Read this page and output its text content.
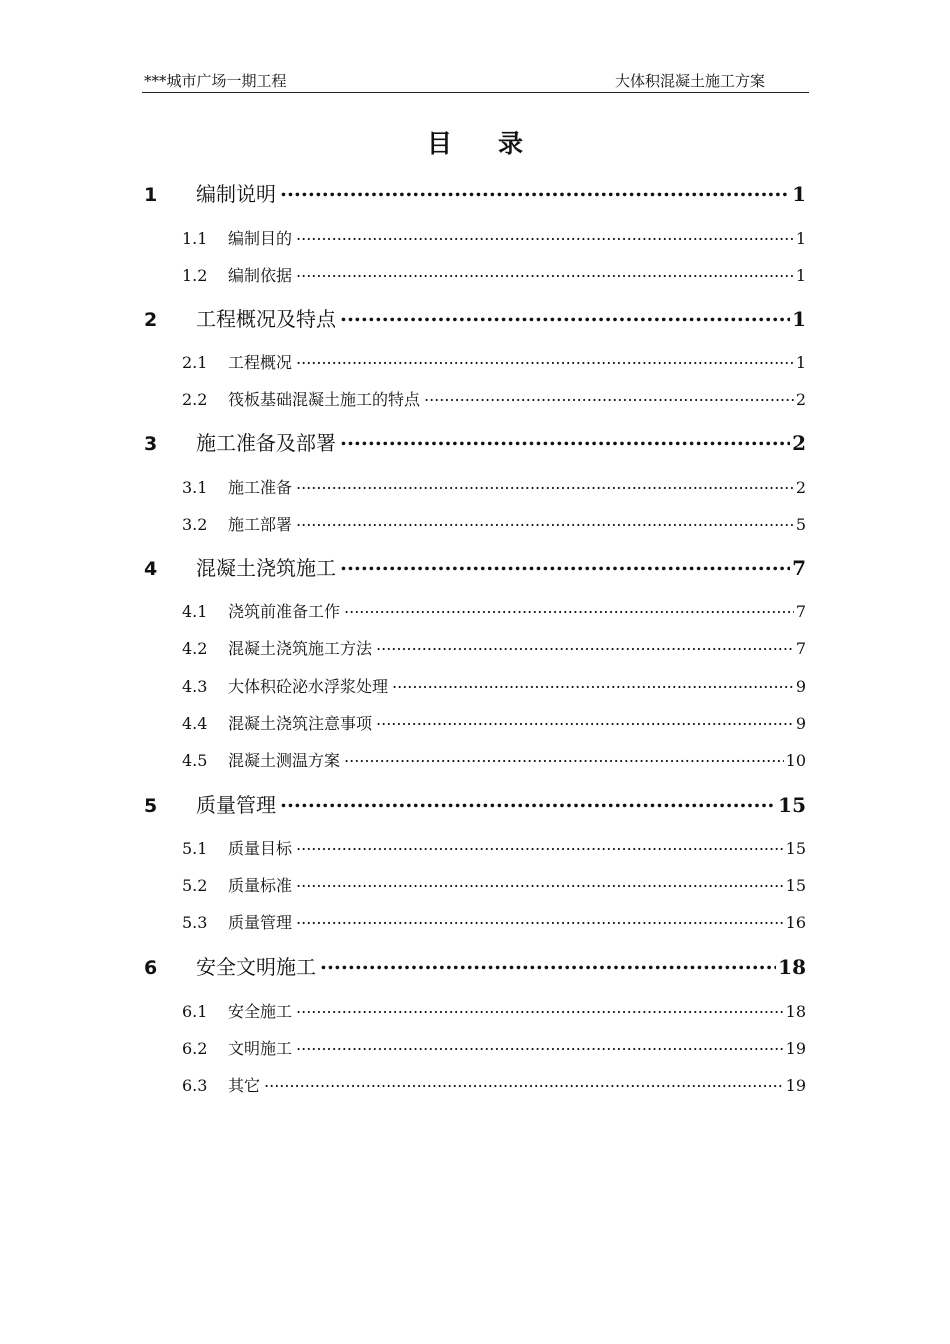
***城市广场一期工程	大体积混凝土施工方案
目录
1	编制说明 .....	1
1.1	编制目的 .....	1
1.2	编制依据 .....	1
2	工程概况及特点 .....	1
2.1	工程概况 .....	1
2.2	筏板基础混凝土施工的特点 .....	2
3	施工准备及部署 .....	2
3.1	施工准备 .....	2
3.2	施工部署 .....	5
4	混凝土浇筑施工 .....	7
4.1	浇筑前准备工作 .....	7
4.2	混凝土浇筑施工方法 .....	7
4.3	大体积砼泌水浮浆处理 .....	9
4.4	混凝土浇筑注意事项 .....	9
4.5	混凝土测温方案 .....	10
5	质量管理 .....	15
5.1	质量目标 .....	15
5.2	质量标准 .....	15
5.3	质量管理 .....	16
6	安全文明施工 .....	18
6.1	安全施工 .....	18
6.2	文明施工 .....	19
6.3	其它 .....	19
